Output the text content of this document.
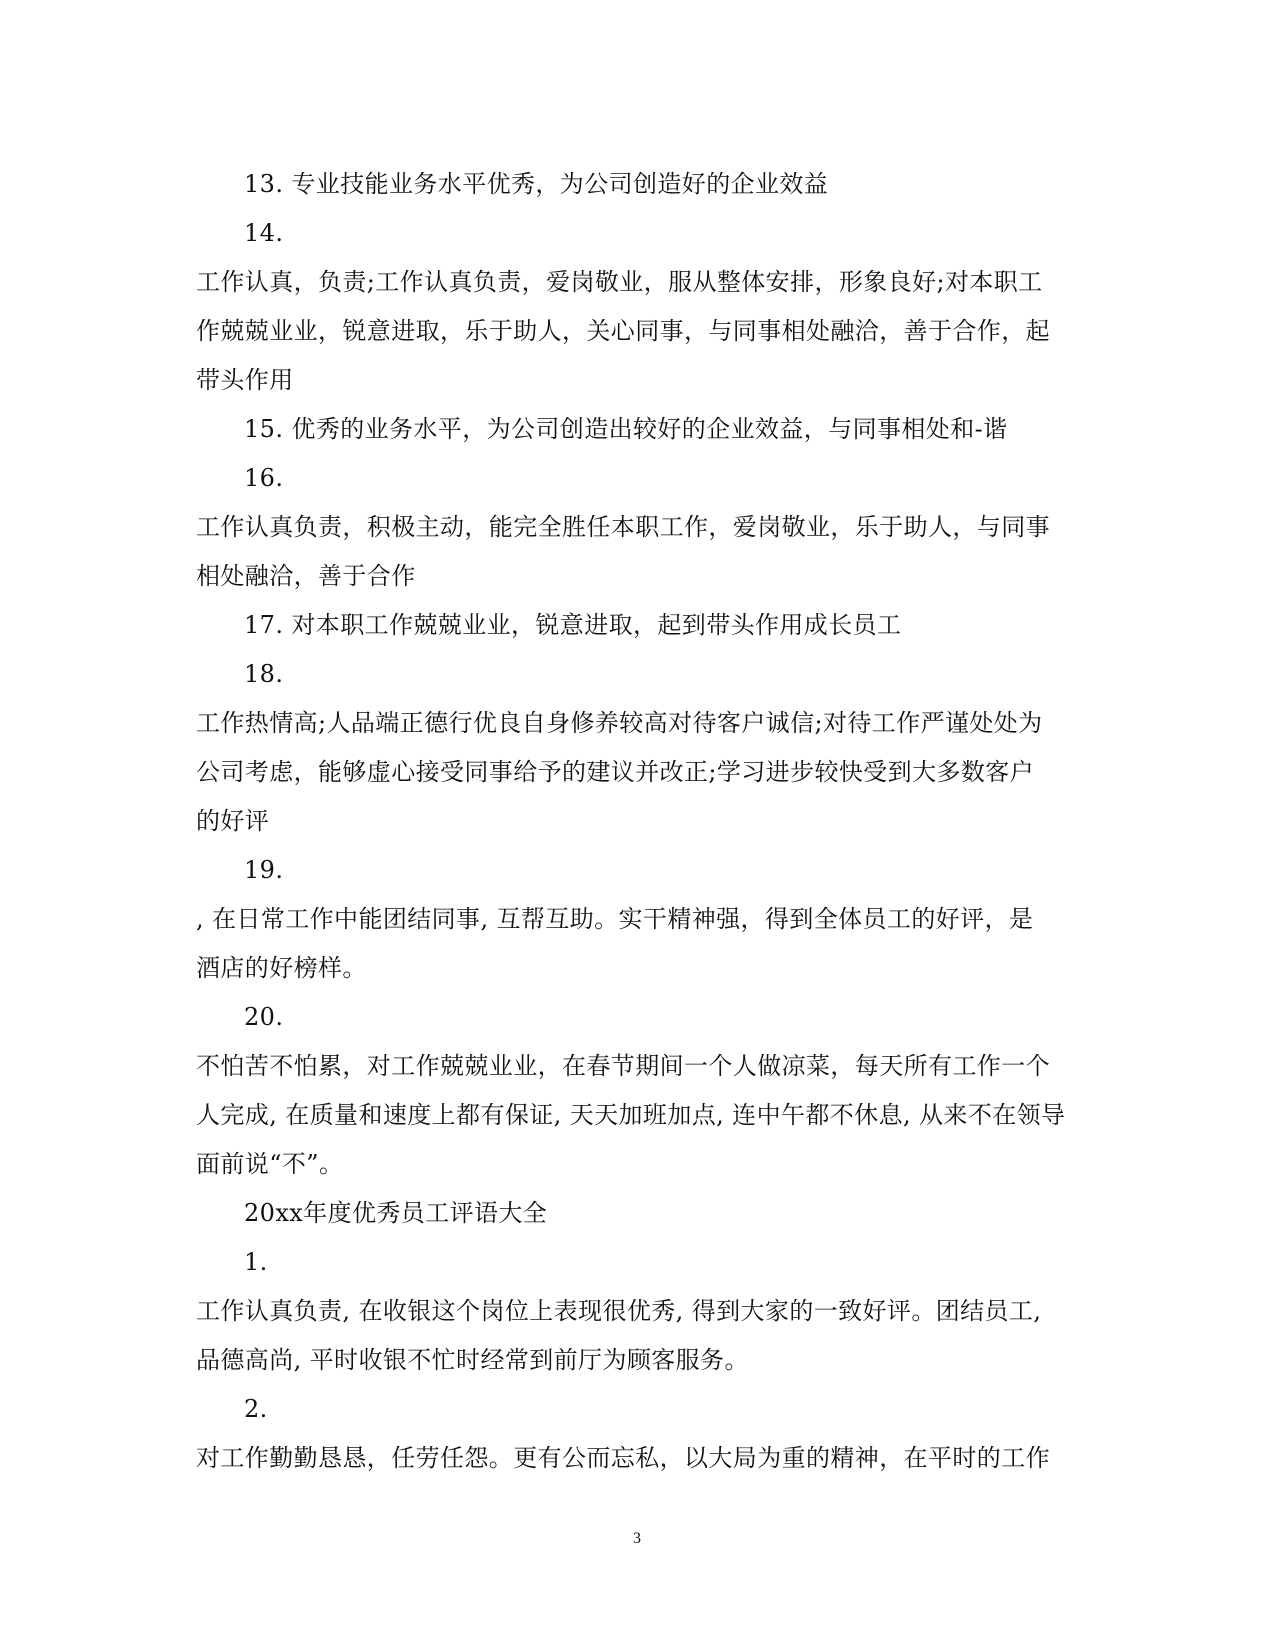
13. 专业技能业务水平优秀，为公司创造好的企业效益
14.
工作认真，负责;工作认真负责，爱岗敬业，服从整体安排，形象良好;对本职工
作兢兢业业，锐意进取，乐于助人，关心同事，与同事相处融洽，善于合作，起
带头作用
15. 优秀的业务水平，为公司创造出较好的企业效益，与同事相处和-谐
16.
工作认真负责，积极主动，能完全胜任本职工作，爱岗敬业，乐于助人，与同事
相处融洽，善于合作
17. 对本职工作兢兢业业，锐意进取，起到带头作用成长员工
18.
工作热情高;人品端正德行优良自身修养较高对待客户诚信;对待工作严谨处处为
公司考虑，能够虚心接受同事给予的建议并改正;学习进步较快受到大多数客户
的好评
19.
, 在日常工作中能团结同事, 互帮互助。实干精神强，得到全体员工的好评，是
酒店的好榜样。
20.
不怕苦不怕累，对工作兢兢业业，在春节期间一个人做凉菜，每天所有工作一个
人完成, 在质量和速度上都有保证, 天天加班加点, 连中午都不休息, 从来不在领导
面前说“不”。
20xx年度优秀员工评语大全
1.
工作认真负责, 在收银这个岗位上表现很优秀, 得到大家的一致好评。团结员工,
品德高尚, 平时收银不忙时经常到前厅为顾客服务。
2.
对工作勤勤恳恳，任劳任怨。更有公而忘私，以大局为重的精神，在平时的工作
3
